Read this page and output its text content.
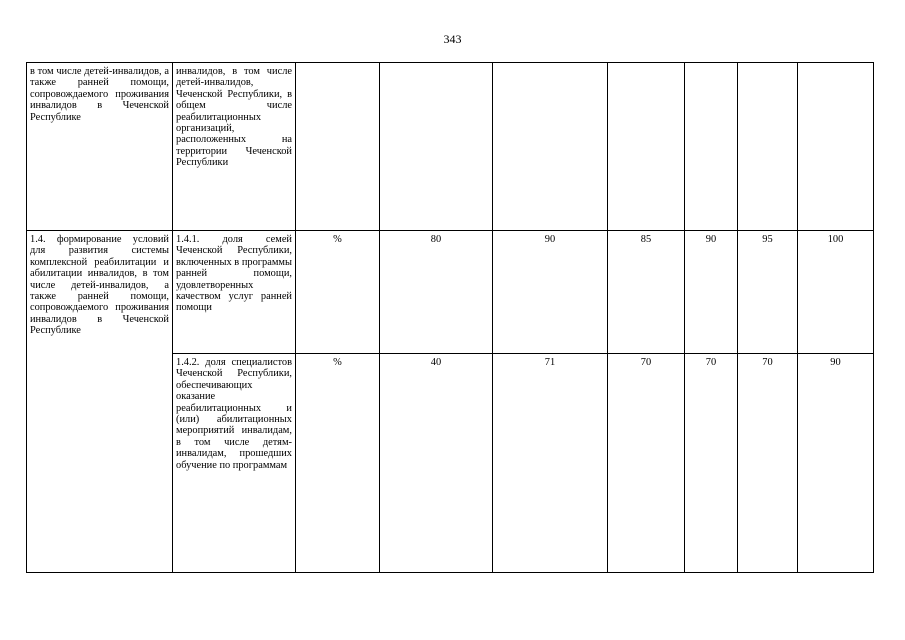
343
в том числе детей-инвалидов, а также ранней помощи, сопровождаемого проживания инвалидов в Чеченской Республике	инвалидов, в том числе детей-инвалидов, Чеченской Республики, в общем числе реабилитационных организаций, расположенных на территории Чеченской Республики							
1.4. формирование условий для развития системы комплексной реабилитации и абилитации инвалидов, в том числе детей-инвалидов, а также ранней помощи, сопровождаемого проживания инвалидов в Чеченской Республике	1.4.1. доля семей Чеченской Республики, включенных в программы ранней помощи, удовлетворенных качеством услуг ранней помощи	%	80	90	85	90	95	100
	1.4.2. доля специалистов Чеченской Республики, обеспечивающих оказание реабилитационных и (или) абилитационных мероприятий инвалидам, в том числе детям-инвалидам, прошедших обучение по программам	%	40	71	70	70	70	90
